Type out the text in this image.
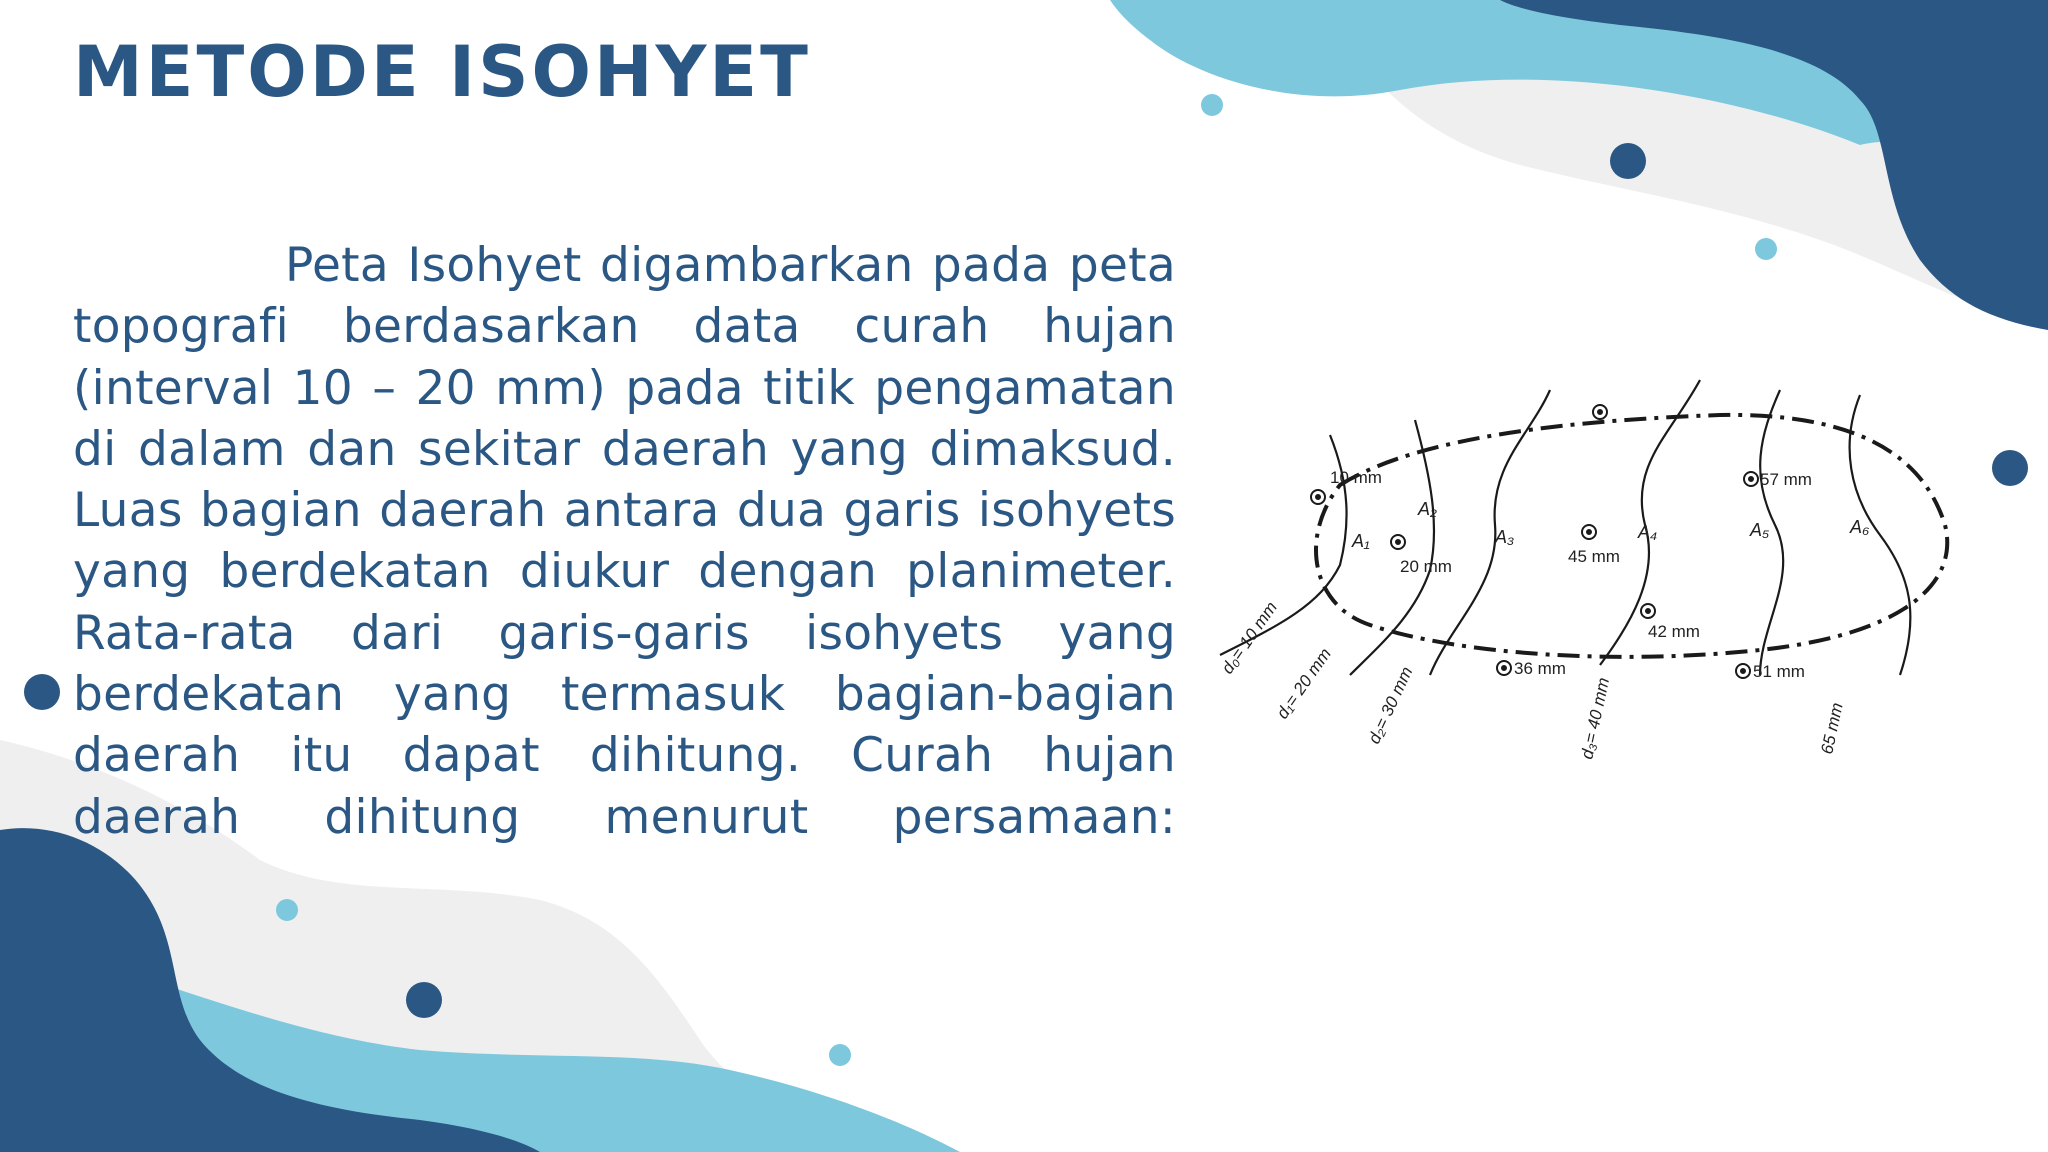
METODE ISOHYET

Peta Isohyet digambarkan pada peta topografi berdasarkan data curah hujan (interval 10 – 20 mm) pada titik pengamatan di dalam dan sekitar daerah yang dimaksud. Luas bagian daerah antara dua garis isohyets yang berdekatan diukur dengan planimeter. Rata-rata dari garis-garis isohyets yang berdekatan yang termasuk bagian-bagian daerah itu dapat dihitung. Curah hujan daerah dihitung menurut persamaan:

10 mm
20 mm
45 mm
57 mm
42 mm
36 mm	51 mm
A₁
A₂
A₃	A₄	A₅	A₆
d₀= 10 mm
d₁= 20 mm d₂= 30 mm	d₃= 40 mm	65 mm
